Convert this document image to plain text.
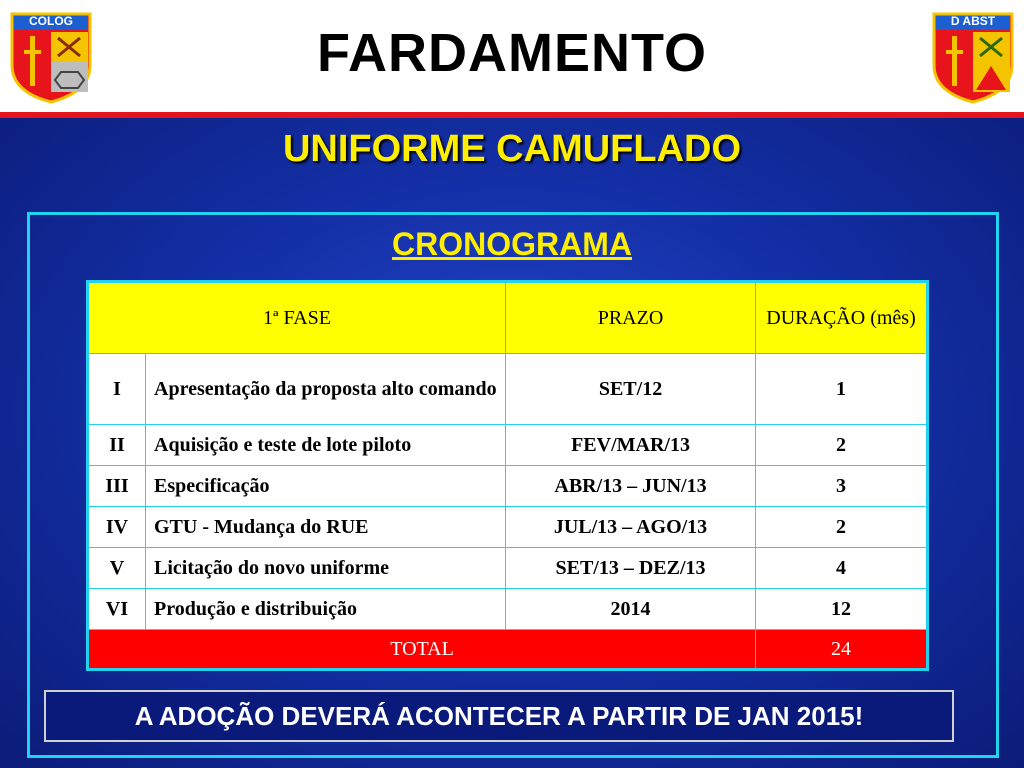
COLOG	D ABST
FARDAMENTO
UNIFORME CAMUFLADO
CRONOGRAMA
1ª FASE		PRAZO	DURAÇÃO (mês)
I	Apresentação da proposta alto comando	SET/12	1
II	Aquisição e teste de lote piloto	FEV/MAR/13	2
III	Especificação	ABR/13 – JUN/13	3
IV	GTU - Mudança do RUE	JUL/13 – AGO/13	2
V	Licitação do novo uniforme	SET/13 – DEZ/13	4
VI	Produção e distribuição	2014	12
TOTAL			24
A ADOÇÃO DEVERÁ ACONTECER A PARTIR DE JAN 2015!
